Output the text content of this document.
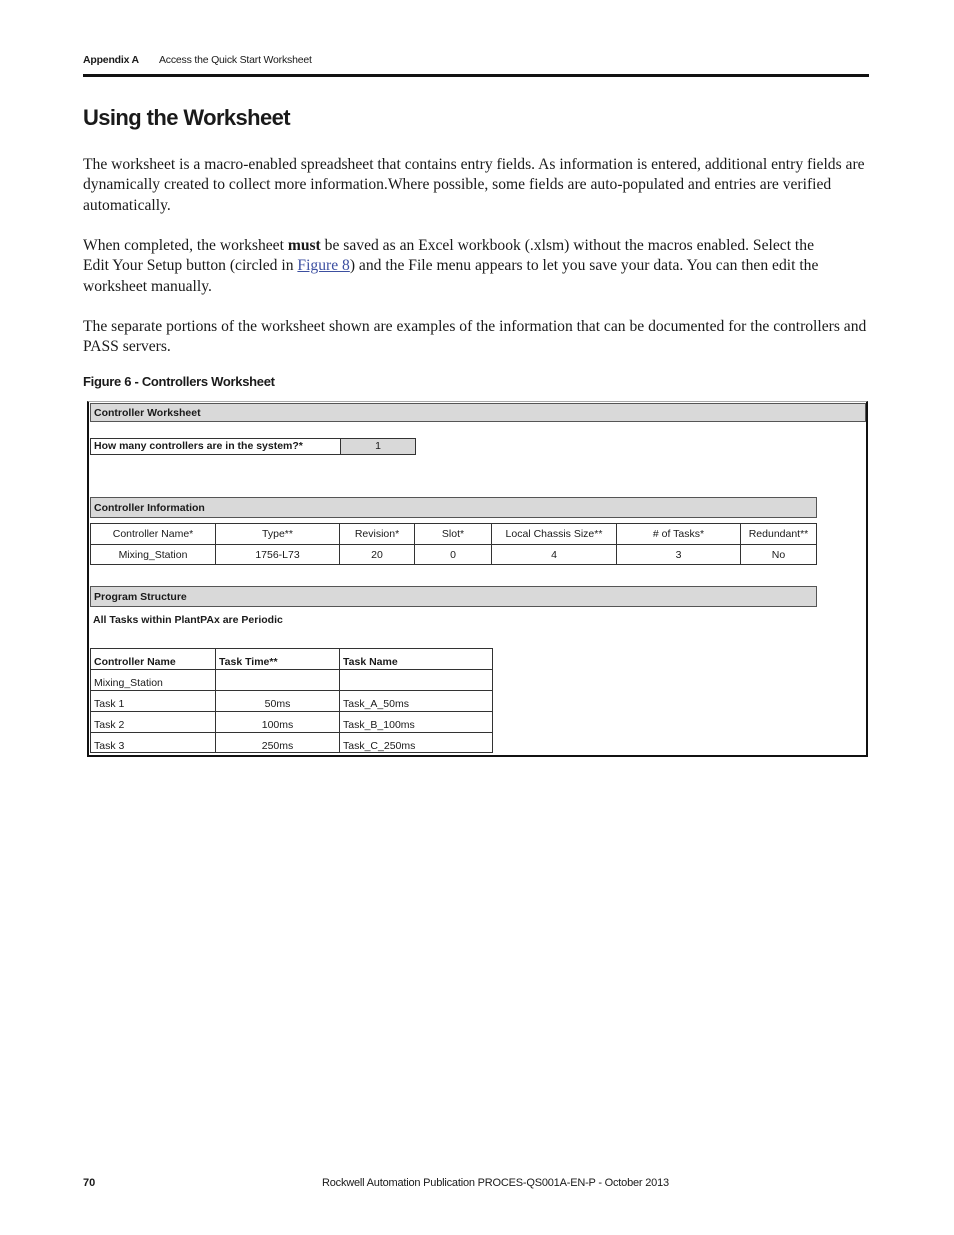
Appendix A Access the Quick Start Worksheet
Using the Worksheet

The worksheet is a macro-enabled spreadsheet that contains entry fields. As information is entered, additional entry fields are dynamically created to collect more information.Where possible, some fields are auto-populated and entries are verified automatically.

When completed, the worksheet must be saved as an Excel workbook (.xlsm) without the macros enabled. Select the Edit Your Setup button (circled in Figure 8) and the File menu appears to let you save your data. You can then edit the worksheet manually.

The separate portions of the worksheet shown are examples of the information that can be documented for the controllers and PASS servers.

Figure 6 - Controllers Worksheet
Controller Worksheet
How many controllers are in the system?*	1
Controller Information
Controller Name*	Type**	Revision*	Slot*	Local Chassis Size**	# of Tasks*	Redundant**
Mixing_Station	1756-L73	20	0	4	3	No
Program Structure
All Tasks within PlantPAx are Periodic
Controller Name	Task Time**	Task Name
Mixing_Station
Task 1	50ms	Task_A_50ms
Task 2	100ms	Task_B_100ms
Task 3	250ms	Task_C_250ms
70	Rockwell Automation Publication PROCES-QS001A-EN-P - October 2013
